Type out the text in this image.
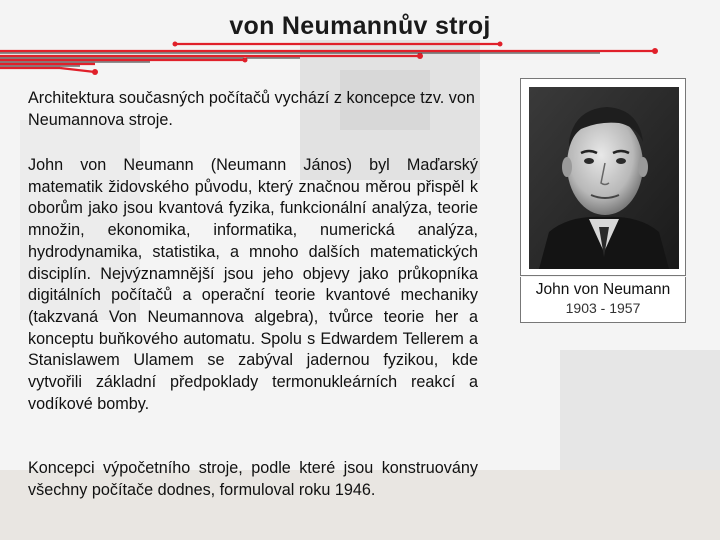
von Neumannův stroj
Architektura současných počítačů vychází z koncepce tzv. von Neumannova stroje.
John von Neumann (Neumann János) byl Maďarský matematik židovského původu, který značnou měrou přispěl k oborům jako jsou kvantová fyzika, funkcionální analýza, teorie množin, ekonomika, informatika, numerická analýza, hydrodynamika, statistika, a mnoho dalších matematických disciplín. Nejvýznamnější jsou jeho objevy jako průkopníka digitálních počítačů a operační teorie kvantové mechaniky (takzvaná Von Neumannova algebra), tvůrce teorie her a konceptu buňkového automatu. Spolu s Edwardem Tellerem a Stanislawem Ulamem se zabýval jadernou fyzikou, kde vytvořili základní předpoklady termonukleárních reakcí a vodíkové bomby.
Koncepci výpočetního stroje, podle které jsou konstruovány všechny počítače dodnes, formuloval roku 1946.
John von Neumann
1903 - 1957
